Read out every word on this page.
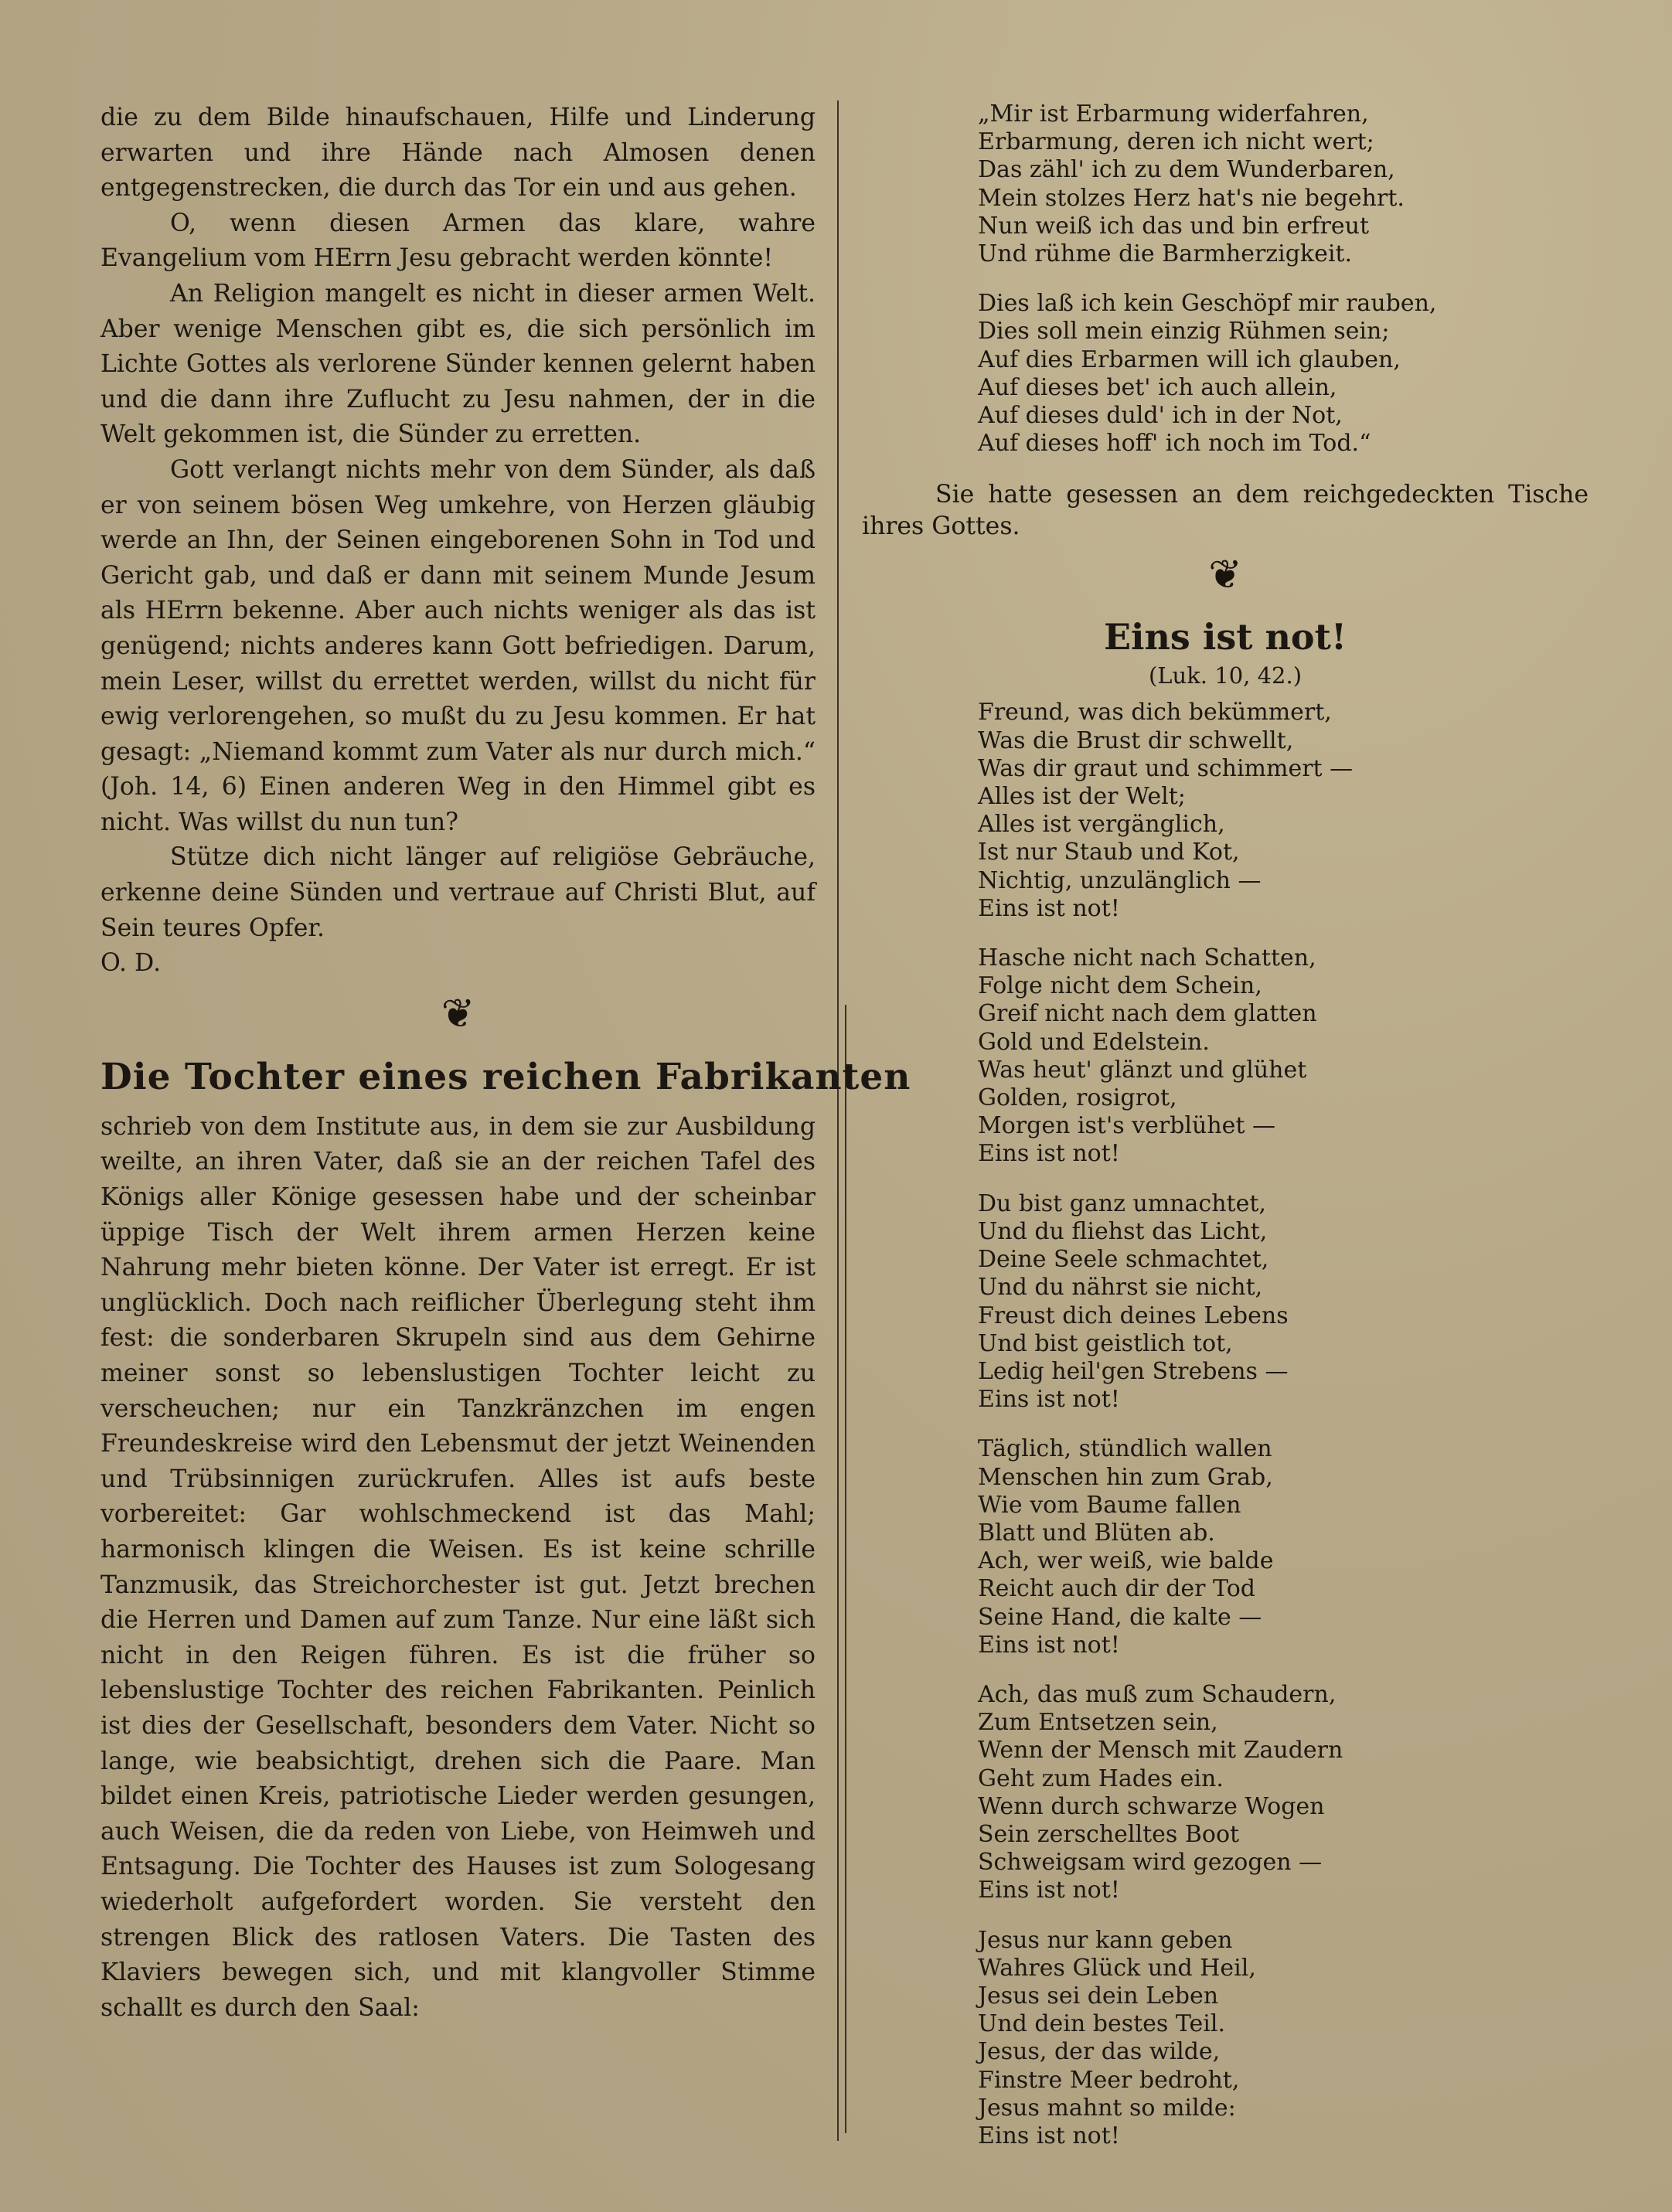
die zu dem Bilde hinaufschauen, Hilfe und Linderung erwarten und ihre Hände nach Almosen denen entgegenstrecken, die durch das Tor ein und aus gehen.

O, wenn diesen Armen das klare, wahre Evangelium vom HErrn Jesu gebracht werden könnte!

An Religion mangelt es nicht in dieser armen Welt. Aber wenige Menschen gibt es, die sich persönlich im Lichte Gottes als verlorene Sünder kennen gelernt haben und die dann ihre Zuflucht zu Jesu nahmen, der in die Welt gekommen ist, die Sünder zu erretten.

Gott verlangt nichts mehr von dem Sünder, als daß er von seinem bösen Weg umkehre, von Herzen gläubig werde an Ihn, der Seinen eingeborenen Sohn in Tod und Gericht gab, und daß er dann mit seinem Munde Jesum als HErrn bekenne. Aber auch nichts weniger als das ist genügend; nichts anderes kann Gott befriedigen. Darum, mein Leser, willst du errettet werden, willst du nicht für ewig verlorengehen, so mußt du zu Jesu kommen. Er hat gesagt: „Niemand kommt zum Vater als nur durch mich.“ (Joh. 14, 6) Einen anderen Weg in den Himmel gibt es nicht. Was willst du nun tun?

Stütze dich nicht länger auf religiöse Gebräuche, erkenne deine Sünden und vertraue auf Christi Blut, auf Sein teures Opfer.

O. D.

❦
Die Tochter eines reichen Fabrikanten

schrieb von dem Institute aus, in dem sie zur Ausbildung weilte, an ihren Vater, daß sie an der reichen Tafel des Königs aller Könige gesessen habe und der scheinbar üppige Tisch der Welt ihrem armen Herzen keine Nahrung mehr bieten könne. Der Vater ist erregt. Er ist unglücklich. Doch nach reiflicher Überlegung steht ihm fest: die sonderbaren Skrupeln sind aus dem Gehirne meiner sonst so lebenslustigen Tochter leicht zu verscheuchen; nur ein Tanzkränzchen im engen Freundeskreise wird den Lebensmut der jetzt Weinenden und Trübsinnigen zurückrufen. Alles ist aufs beste vorbereitet: Gar wohlschmeckend ist das Mahl; harmonisch klingen die Weisen. Es ist keine schrille Tanzmusik, das Streichorchester ist gut. Jetzt brechen die Herren und Damen auf zum Tanze. Nur eine läßt sich nicht in den Reigen führen. Es ist die früher so lebenslustige Tochter des reichen Fabrikanten. Peinlich ist dies der Gesellschaft, besonders dem Vater. Nicht so lange, wie beabsichtigt, drehen sich die Paare. Man bildet einen Kreis, patriotische Lieder werden gesungen, auch Weisen, die da reden von Liebe, von Heimweh und Entsagung. Die Tochter des Hauses ist zum Sologesang wiederholt aufgefordert worden. Sie versteht den strengen Blick des ratlosen Vaters. Die Tasten des Klaviers bewegen sich, und mit klangvoller Stimme schallt es durch den Saal:

„Mir ist Erbarmung widerfahren,
Erbarmung, deren ich nicht wert;
Das zähl' ich zu dem Wunderbaren,
Mein stolzes Herz hat's nie begehrt.
Nun weiß ich das und bin erfreut
Und rühme die Barmherzigkeit.
Dies laß ich kein Geschöpf mir rauben,
Dies soll mein einzig Rühmen sein;
Auf dies Erbarmen will ich glauben,
Auf dieses bet' ich auch allein,
Auf dieses duld' ich in der Not,
Auf dieses hoff' ich noch im Tod.“
Sie hatte gesessen an dem reichgedeckten Tische ihres Gottes.
❦
Eins ist not!
(Luk. 10, 42.)
Freund, was dich bekümmert,
Was die Brust dir schwellt,
Was dir graut und schimmert —
Alles ist der Welt;
Alles ist vergänglich,
Ist nur Staub und Kot,
Nichtig, unzulänglich —
Eins ist not!
Hasche nicht nach Schatten,
Folge nicht dem Schein,
Greif nicht nach dem glatten
Gold und Edelstein.
Was heut' glänzt und glühet
Golden, rosigrot,
Morgen ist's verblühet —
Eins ist not!
Du bist ganz umnachtet,
Und du fliehst das Licht,
Deine Seele schmachtet,
Und du nährst sie nicht,
Freust dich deines Lebens
Und bist geistlich tot,
Ledig heil'gen Strebens —
Eins ist not!
Täglich, stündlich wallen
Menschen hin zum Grab,
Wie vom Baume fallen
Blatt und Blüten ab.
Ach, wer weiß, wie balde
Reicht auch dir der Tod
Seine Hand, die kalte —
Eins ist not!
Ach, das muß zum Schaudern,
Zum Entsetzen sein,
Wenn der Mensch mit Zaudern
Geht zum Hades ein.
Wenn durch schwarze Wogen
Sein zerschelltes Boot
Schweigsam wird gezogen —
Eins ist not!
Jesus nur kann geben
Wahres Glück und Heil,
Jesus sei dein Leben
Und dein bestes Teil.
Jesus, der das wilde,
Finstre Meer bedroht,
Jesus mahnt so milde:
Eins ist not!
